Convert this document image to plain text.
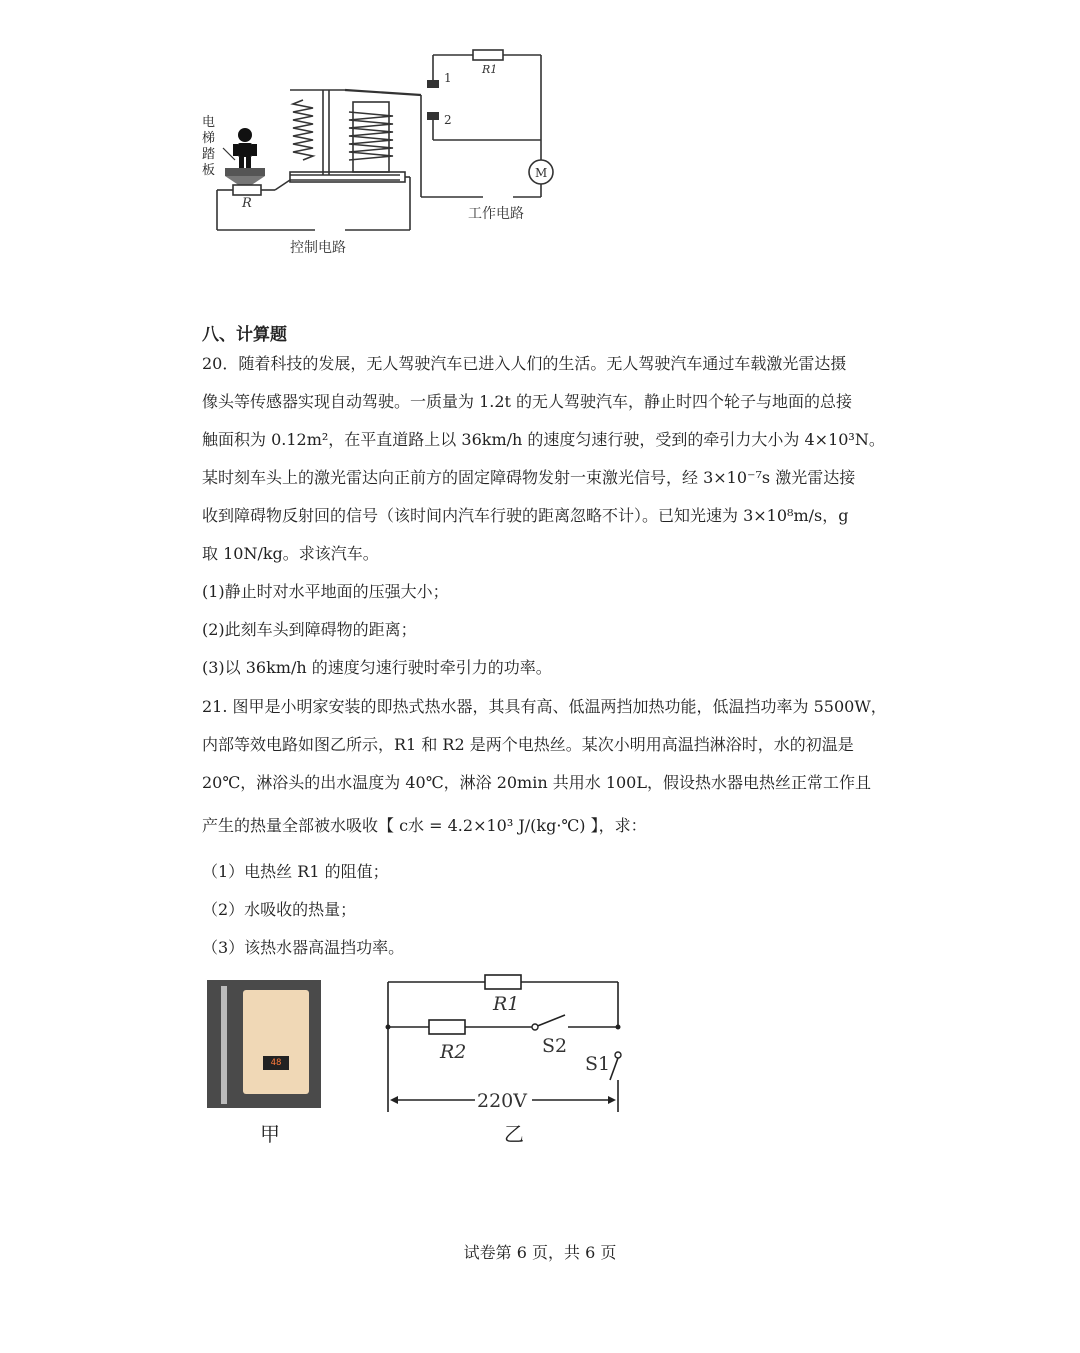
R1
1
2
M
R
工作电路
控制电路
电梯踏板
八、计算题
20．随着科技的发展，无人驾驶汽车已进入人们的生活。无人驾驶汽车通过车载激光雷达摄
像头等传感器实现自动驾驶。一质量为 1.2t 的无人驾驶汽车，静止时四个轮子与地面的总接
触面积为 0.12m²，在平直道路上以 36km/h 的速度匀速行驶，受到的牵引力大小为 4×10³N。
某时刻车头上的激光雷达向正前方的固定障碍物发射一束激光信号，经 3×10⁻⁷s 激光雷达接
收到障碍物反射回的信号（该时间内汽车行驶的距离忽略不计）。已知光速为 3×10⁸m/s，g
取 10N/kg。求该汽车。
(1)静止时对水平地面的压强大小；
(2)此刻车头到障碍物的距离；
(3)以 36km/h 的速度匀速行驶时牵引力的功率。
21. 图甲是小明家安装的即热式热水器，其具有高、低温两挡加热功能，低温挡功率为 5500W，
内部等效电路如图乙所示，R1 和 R2 是两个电热丝。某次小明用高温挡淋浴时，水的初温是
20℃，淋浴头的出水温度为 40℃，淋浴 20min 共用水 100L，假设热水器电热丝正常工作且
产生的热量全部被水吸收【 c水 = 4.2×10³ J/(kg·℃) 】，求：
（1）电热丝 R1 的阻值；
（2）水吸收的热量；
（3）该热水器高温挡功率。
48
甲
R1
R2	S2
S1
220V
乙
试卷第 6 页，共 6 页
